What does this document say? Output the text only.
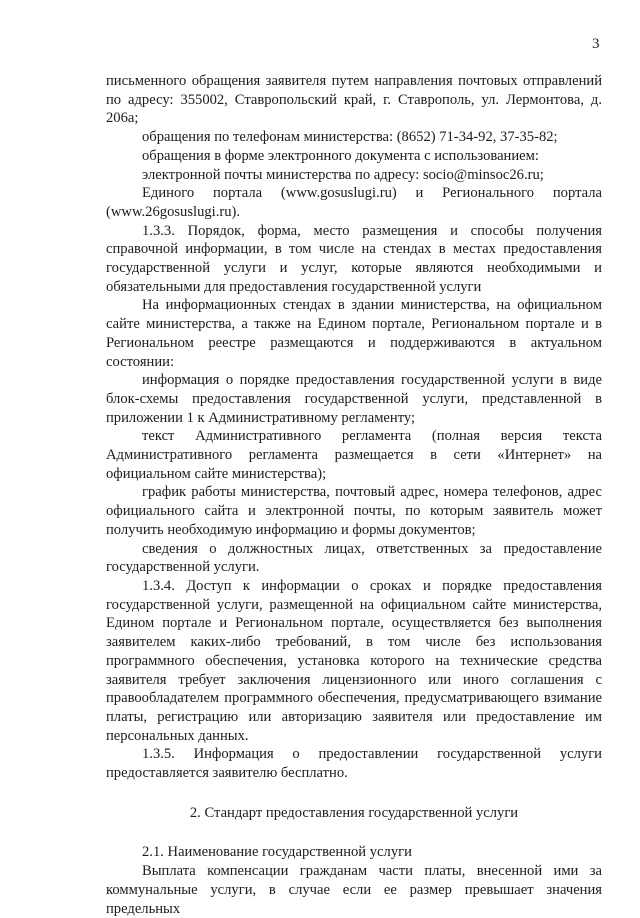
3

письменного обращения заявителя путем направления почтовых отправлений по адресу: 355002, Ставропольский край, г. Ставрополь, ул. Лермонтова, д. 206а;

обращения по телефонам министерства: (8652) 71-34-92, 37-35-82;

обращения в форме электронного документа с использованием:

электронной почты министерства по адресу: socio@minsoc26.ru;

Единого портала (www.gosuslugi.ru) и Регионального портала (www.26gosuslugi.ru).

1.3.3. Порядок, форма, место размещения и способы получения справочной информации, в том числе на стендах в местах предоставления государственной услуги и услуг, которые являются необходимыми и обязательными для предоставления государственной услуги

На информационных стендах в здании министерства, на официальном сайте министерства, а также на Едином портале, Региональном портале и в Региональном реестре размещаются и поддерживаются в актуальном состоянии:

информация о порядке предоставления государственной услуги в виде блок-схемы предоставления государственной услуги, представленной в приложении 1 к Административному регламенту;

текст Административного регламента (полная версия текста Административного регламента размещается в сети «Интернет» на официальном сайте министерства);

график работы министерства, почтовый адрес, номера телефонов, адрес официального сайта и электронной почты, по которым заявитель может получить необходимую информацию и формы документов;

сведения о должностных лицах, ответственных за предоставление государственной услуги.

1.3.4. Доступ к информации о сроках и порядке предоставления государственной услуги, размещенной на официальном сайте министерства, Едином портале и Региональном портале, осуществляется без выполнения заявителем каких-либо требований, в том числе без использования программного обеспечения, установка которого на технические средства заявителя требует заключения лицензионного или иного соглашения с правообладателем программного обеспечения, предусматривающего взимание платы, регистрацию или авторизацию заявителя или предоставление им персональных данных.

1.3.5. Информация о предоставлении государственной услуги предоставляется заявителю бесплатно.

2. Стандарт предоставления государственной услуги

2.1. Наименование государственной услуги

Выплата компенсации гражданам части платы, внесенной ими за коммунальные услуги, в случае если ее размер превышает значения предельных
